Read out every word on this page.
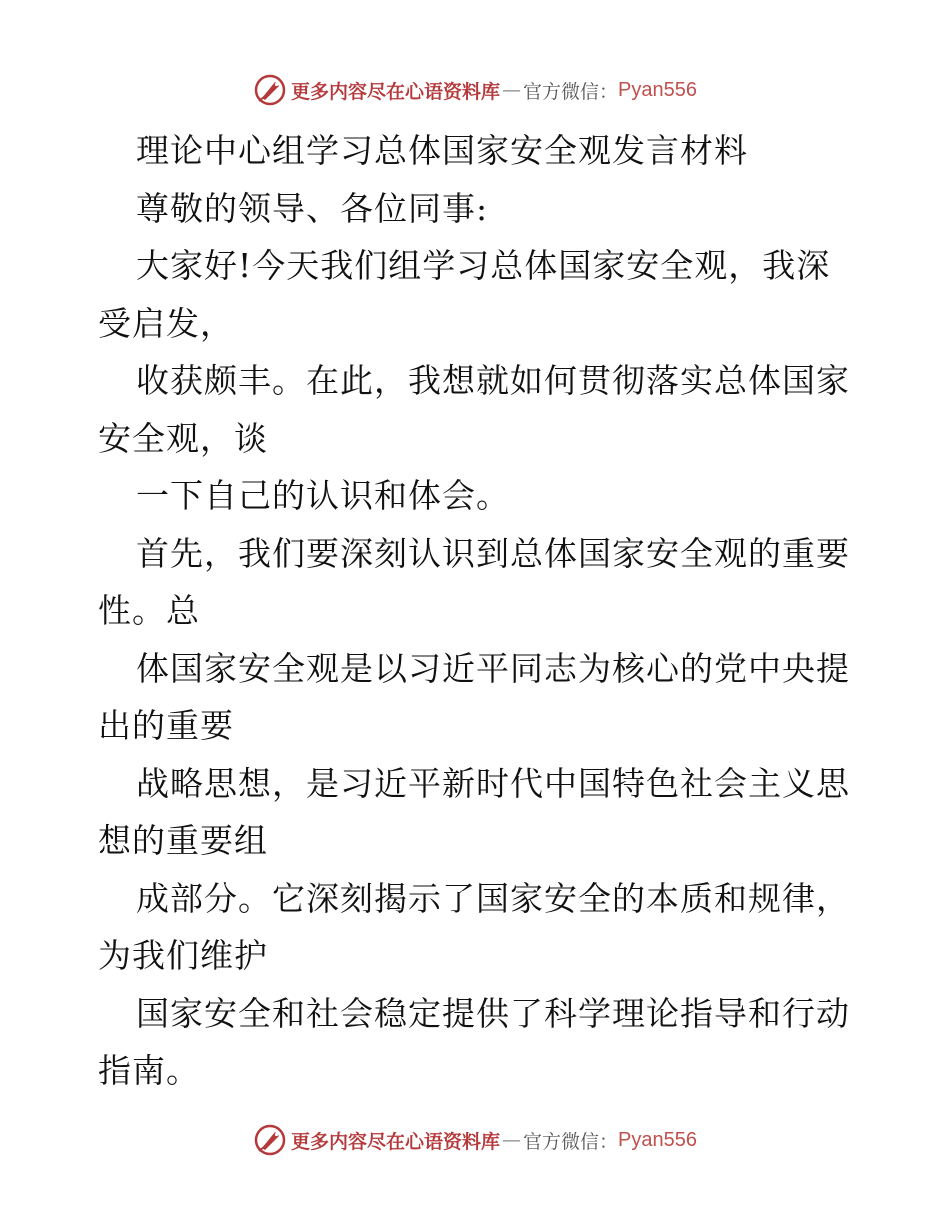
更多内容尽在心语资料库 — 官方微信： Pyan556
理论中心组学习总体国家安全观发言材料
尊敬的领导、各位同事:
大家好!今天我们组学习总体国家安全观，我深
受启发，
收获颇丰。在此，我想就如何贯彻落实总体国家
安全观，谈
一下自己的认识和体会。
首先，我们要深刻认识到总体国家安全观的重要
性。总
体国家安全观是以习近平同志为核心的党中央提
出的重要
战略思想，是习近平新时代中国特色社会主义思
想的重要组
成部分。它深刻揭示了国家安全的本质和规律，
为我们维护
国家安全和社会稳定提供了科学理论指导和行动
指南。
更多内容尽在心语资料库 — 官方微信： Pyan556
